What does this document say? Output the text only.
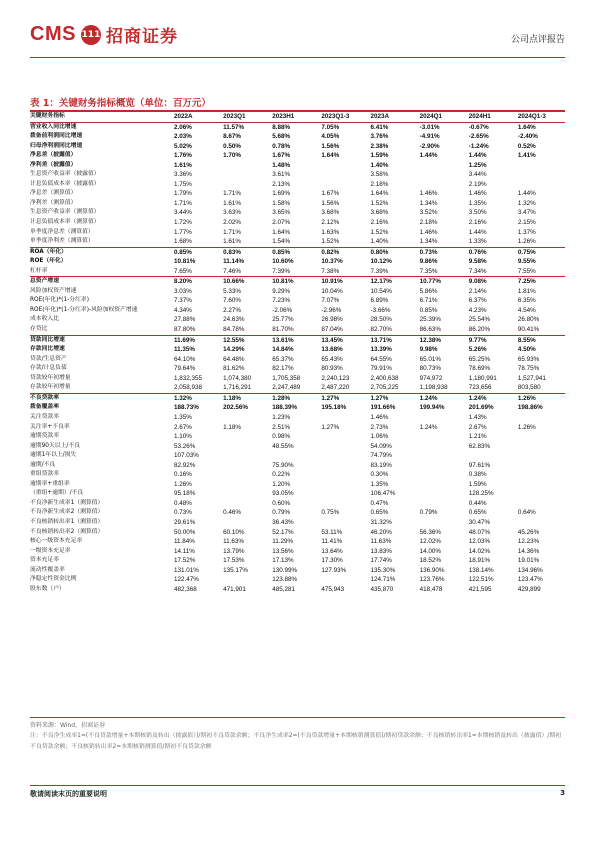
CMS 111 招商证券	公司点评报告
表 1：关键财务指标概览（单位：百万元）
关键财务指标	2022A	2023Q1	2023H1	2023Q1-3	2023A	2024Q1	2024H1	2024Q1-3
营业收入同比增速	2.06%	11.57%	8.88%	7.05%	6.41%	-3.01%	-0.67%	1.64%
拨备前利润同比增速	2.03%	8.67%	5.68%	4.05%	3.76%	-4.91%	-2.65%	-2.40%
归母净利润同比增速	5.02%	0.50%	0.78%	1.56%	2.38%	-2.90%	-1.24%	0.52%
净息差（披露值）	1.76%	1.70%	1.67%	1.64%	1.59%	1.44%	1.44%	1.41%
净利差（披露值）	1.61%		1.48%		1.40%		1.25%	
生息资产收益率（披露值）	3.36%		3.61%		3.58%		3.44%	
计息负债成本率（披露值）	1.75%		2.13%		2.18%		2.19%	
净息差（测算值）	1.79%	1.71%	1.69%	1.67%	1.64%	1.46%	1.46%	1.44%
净利差（测算值）	1.71%	1.61%	1.58%	1.56%	1.52%	1.34%	1.35%	1.32%
生息资产收益率（测算值）	3.44%	3.63%	3.65%	3.68%	3.68%	3.52%	3.50%	3.47%
计息负债成本率（测算值）	1.72%	2.02%	2.07%	2.12%	2.16%	2.18%	2.16%	2.15%
单季度净息差（测算值）	1.77%	1.71%	1.64%	1.63%	1.52%	1.46%	1.44%	1.37%
单季度净利差（测算值）	1.68%	1.61%	1.54%	1.52%	1.40%	1.34%	1.33%	1.26%
ROA（年化）	0.85%	0.83%	0.85%	0.82%	0.80%	0.73%	0.76%	0.75%
ROE（年化）	10.81%	11.14%	10.60%	10.37%	10.12%	9.86%	9.58%	9.55%
杠杆率	7.65%	7.46%	7.39%	7.38%	7.39%	7.35%	7.34%	7.55%
总资产增速	8.20%	10.66%	10.81%	10.91%	12.17%	10.77%	9.08%	7.25%
风险加权资产增速	3.03%	5.33%	9.29%	10.04%	10.54%	5.86%	2.14%	1.81%
ROE(年化)*(1-分红率)	7.37%	7.60%	7.23%	7.07%	6.89%	6.71%	6.37%	6.35%
ROE(年化)*(1-分红率)-风险加权资产增速	4.34%	2.27%	-2.06%	-2.96%	-3.66%	0.85%	4.23%	4.54%
成本收入比	27.88%	24.63%	25.77%	26.98%	28.50%	25.39%	25.54%	26.80%
存贷比	87.80%	84.78%	81.70%	87.04%	82.70%	86.63%	86.20%	90.41%
贷款同比增速	11.69%	12.55%	13.61%	13.45%	13.71%	12.38%	9.77%	8.55%
存款同比增速	11.35%	14.29%	14.84%	13.68%	13.39%	9.98%	5.26%	4.50%
贷款/生息资产	64.10%	64.48%	65.37%	65.43%	64.55%	65.01%	65.25%	65.93%
存款/计息负债	79.64%	81.62%	82.17%	80.93%	79.91%	80.73%	78.69%	78.75%
贷款较年初增量	1,832,355	1,074,380	1,705,358	2,240,123	2,400,638	974,972	1,180,991	1,527,941
存款较年初增量	2,058,938	1,716,291	2,247,489	2,487,220	2,705,225	1,198,938	723,656	803,580
不良贷款率	1.32%	1.18%	1.28%	1.27%	1.27%	1.24%	1.24%	1.26%
拨备覆盖率	188.73%	202.56%	188.39%	195.18%	191.66%	199.94%	201.69%	198.86%
关注贷款率	1.35%		1.23%		1.46%		1.43%	
关注率+不良率	2.67%	1.18%	2.51%	1.27%	2.73%	1.24%	2.67%	1.26%
逾期贷款率	1.10%		0.98%		1.06%		1.21%	
逾期90天以上/不良	53.26%		48.55%		54.09%		62.83%	
逾期1年以上/损失	107.03%				74.79%			
逾期/不良	82.92%		75.90%		83.19%		97.61%	
重组贷款率	0.16%		0.22%		0.30%		0.38%	
逾期率+重组率	1.26%		1.20%		1.35%		1.59%	
（重组+逾期）/不良	95.18%		93.05%		106.47%		128.25%	
不良净新生成率1（测算值）	0.48%		0.60%		0.47%		0.44%	
不良净新生成率2（测算值）	0.73%	0.46%	0.79%	0.75%	0.65%	0.79%	0.65%	0.64%
不良核销转出率1（测算值）	29.61%		36.43%		31.32%		30.47%	
不良核销转出率2（测算值）	50.00%	60.10%	52.17%	53.11%	46.20%	56.36%	48.07%	45.26%
核心一级资本充足率	11.84%	11.63%	11.29%	11.41%	11.63%	12.02%	12.03%	12.23%
一级资本充足率	14.11%	13.79%	13.56%	13.64%	13.83%	14.00%	14.02%	14.36%
资本充足率	17.52%	17.53%	17.13%	17.30%	17.74%	18.52%	18.91%	19.01%
流动性覆盖率	131.01%	135.17%	130.99%	127.93%	135.30%	136.90%	138.14%	134.96%
净稳定性资金比例	122.47%		123.88%		124.71%	123.76%	122.51%	123.47%
股东数（户）	482,368	471,901	485,281	475,943	435,870	418,478	421,595	429,899
资料来源：Wind，招商证券
注：不良净生成率1=(不良贷款增量+本期核销及转出（披露值）)/期初不良贷款余额；不良净生成率2=(不良贷款增量+本期核销测算值)/期初贷款余额；不良核销转出率1=本期核销及转出（披露值）/期初不良贷款余额；不良核销转出率2=本期核销测算值/期初不良贷款余额
敬请阅读末页的重要说明	3
